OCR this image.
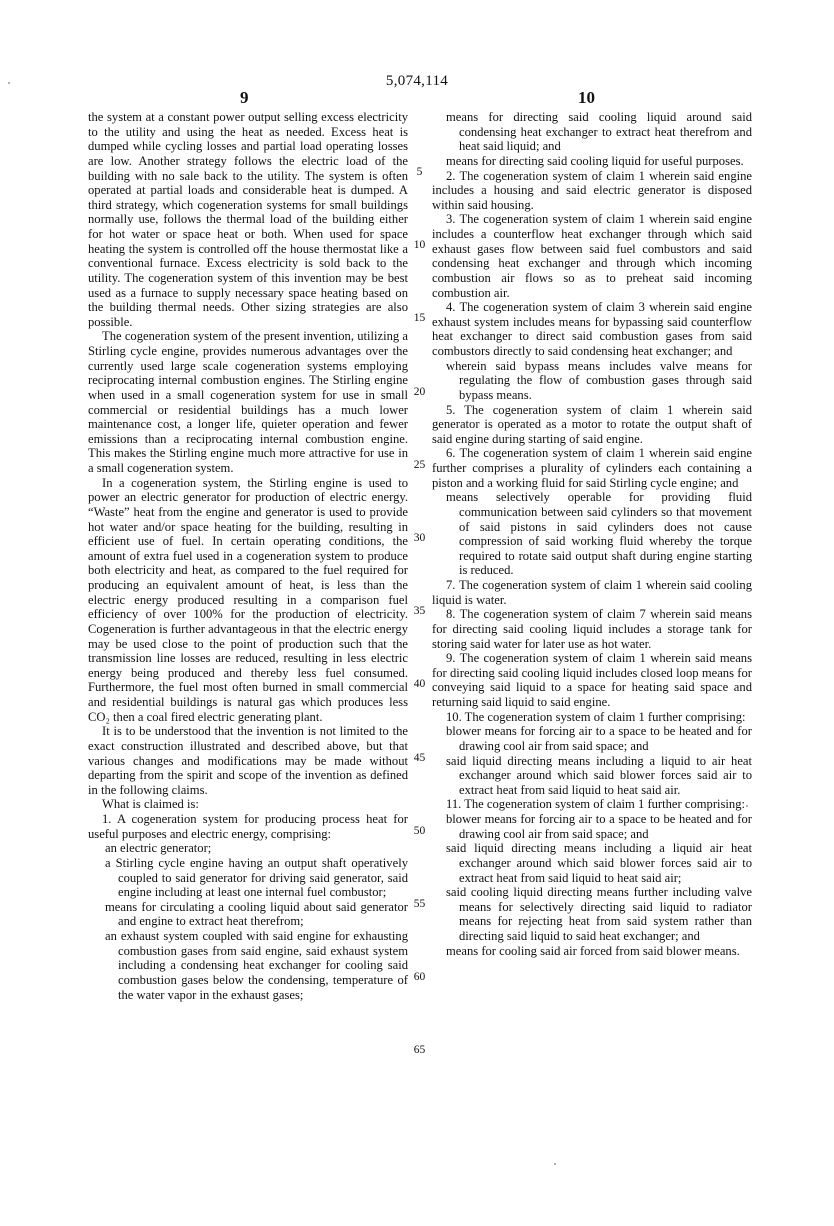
5,074,114
9	10

the system at a constant power output selling excess electricity to the utility and using the heat as needed. Excess heat is dumped while cycling losses and partial load operating losses are low. Another strategy follows the electric load of the building with no sale back to the utility. The system is often operated at partial loads and considerable heat is dumped. A third strategy, which cogeneration systems for small buildings normally use, follows the thermal load of the building either for hot water or space heat or both. When used for space heating the system is controlled off the house thermostat like a conventional furnace. Excess electricity is sold back to the utility. The cogeneration system of this invention may be best used as a furnace to supply necessary space heating based on the building thermal needs. Other sizing strategies are also possible.

The cogeneration system of the present invention, utilizing a Stirling cycle engine, provides numerous advantages over the currently used large scale cogeneration systems employing reciprocating internal combustion engines. The Stirling engine when used in a small cogeneration system for use in small commercial or residential buildings has a much lower maintenance cost, a longer life, quieter operation and fewer emissions than a reciprocating internal combustion engine. This makes the Stirling engine much more attractive for use in a small cogeneration system.

In a cogeneration system, the Stirling engine is used to power an electric generator for production of electric energy. “Waste” heat from the engine and generator is used to provide hot water and/or space heating for the building, resulting in efficient use of fuel. In certain operating conditions, the amount of extra fuel used in a cogeneration system to produce both electricity and heat, as compared to the fuel required for producing an equivalent amount of heat, is less than the electric energy produced resulting in a comparison fuel efficiency of over 100% for the production of electricity. Cogeneration is further advantageous in that the electric energy may be used close to the point of production such that the transmission line losses are reduced, resulting in less electric energy being produced and thereby less fuel consumed. Furthermore, the fuel most often burned in small commercial and residential buildings is natural gas which produces less CO₂ then a coal fired electric generating plant.

It is to be understood that the invention is not limited to the exact construction illustrated and described above, but that various changes and modifications may be made without departing from the spirit and scope of the invention as defined in the following claims.

What is claimed is:

1. A cogeneration system for producing process heat for useful purposes and electric energy, comprising:

an electric generator;

a Stirling cycle engine having an output shaft operatively coupled to said generator for driving said generator, said engine including at least one internal fuel combustor;

means for circulating a cooling liquid about said generator and engine to extract heat therefrom;

an exhaust system coupled with said engine for exhausting combustion gases from said engine, said exhaust system including a condensing heat exchanger for cooling said combustion gases below the condensing, temperature of the water vapor in the exhaust gases;

means for directing said cooling liquid around said condensing heat exchanger to extract heat therefrom and heat said liquid; and

means for directing said cooling liquid for useful purposes.

2. The cogeneration system of claim 1 wherein said engine includes a housing and said electric generator is disposed within said housing.

3. The cogeneration system of claim 1 wherein said engine includes a counterflow heat exchanger through which said exhaust gases flow between said fuel combustors and said condensing heat exchanger and through which incoming combustion air flows so as to preheat said incoming combustion air.

4. The cogeneration system of claim 3 wherein said engine exhaust system includes means for bypassing said counterflow heat exchanger to direct said combustion gases from said combustors directly to said condensing heat exchanger; and

wherein said bypass means includes valve means for regulating the flow of combustion gases through said bypass means.

5. The cogeneration system of claim 1 wherein said generator is operated as a motor to rotate the output shaft of said engine during starting of said engine.

6. The cogeneration system of claim 1 wherein said engine further comprises a plurality of cylinders each containing a piston and a working fluid for said Stirling cycle engine; and

means selectively operable for providing fluid communication between said cylinders so that movement of said pistons in said cylinders does not cause compression of said working fluid whereby the torque required to rotate said output shaft during engine starting is reduced.

7. The cogeneration system of claim 1 wherein said cooling liquid is water.

8. The cogeneration system of claim 7 wherein said means for directing said cooling liquid includes a storage tank for storing said water for later use as hot water.

9. The cogeneration system of claim 1 wherein said means for directing said cooling liquid includes closed loop means for conveying said liquid to a space for heating said space and returning said liquid to said engine.

10. The cogeneration system of claim 1 further comprising:

blower means for forcing air to a space to be heated and for drawing cool air from said space; and

said liquid directing means including a liquid to air heat exchanger around which said blower forces said air to extract heat from said liquid to heat said air.

11. The cogeneration system of claim 1 further comprising:

blower means for forcing air to a space to be heated and for drawing cool air from said space; and

said liquid directing means including a liquid air heat exchanger around which said blower forces said air to extract heat from said liquid to heat said air;

said cooling liquid directing means further including valve means for selectively directing said liquid to radiator means for rejecting heat from said system rather than directing said liquid to said heat exchanger; and

means for cooling said air forced from said blower means.

5
10
15
20
25
30
35
40
45
50
55
60
65
